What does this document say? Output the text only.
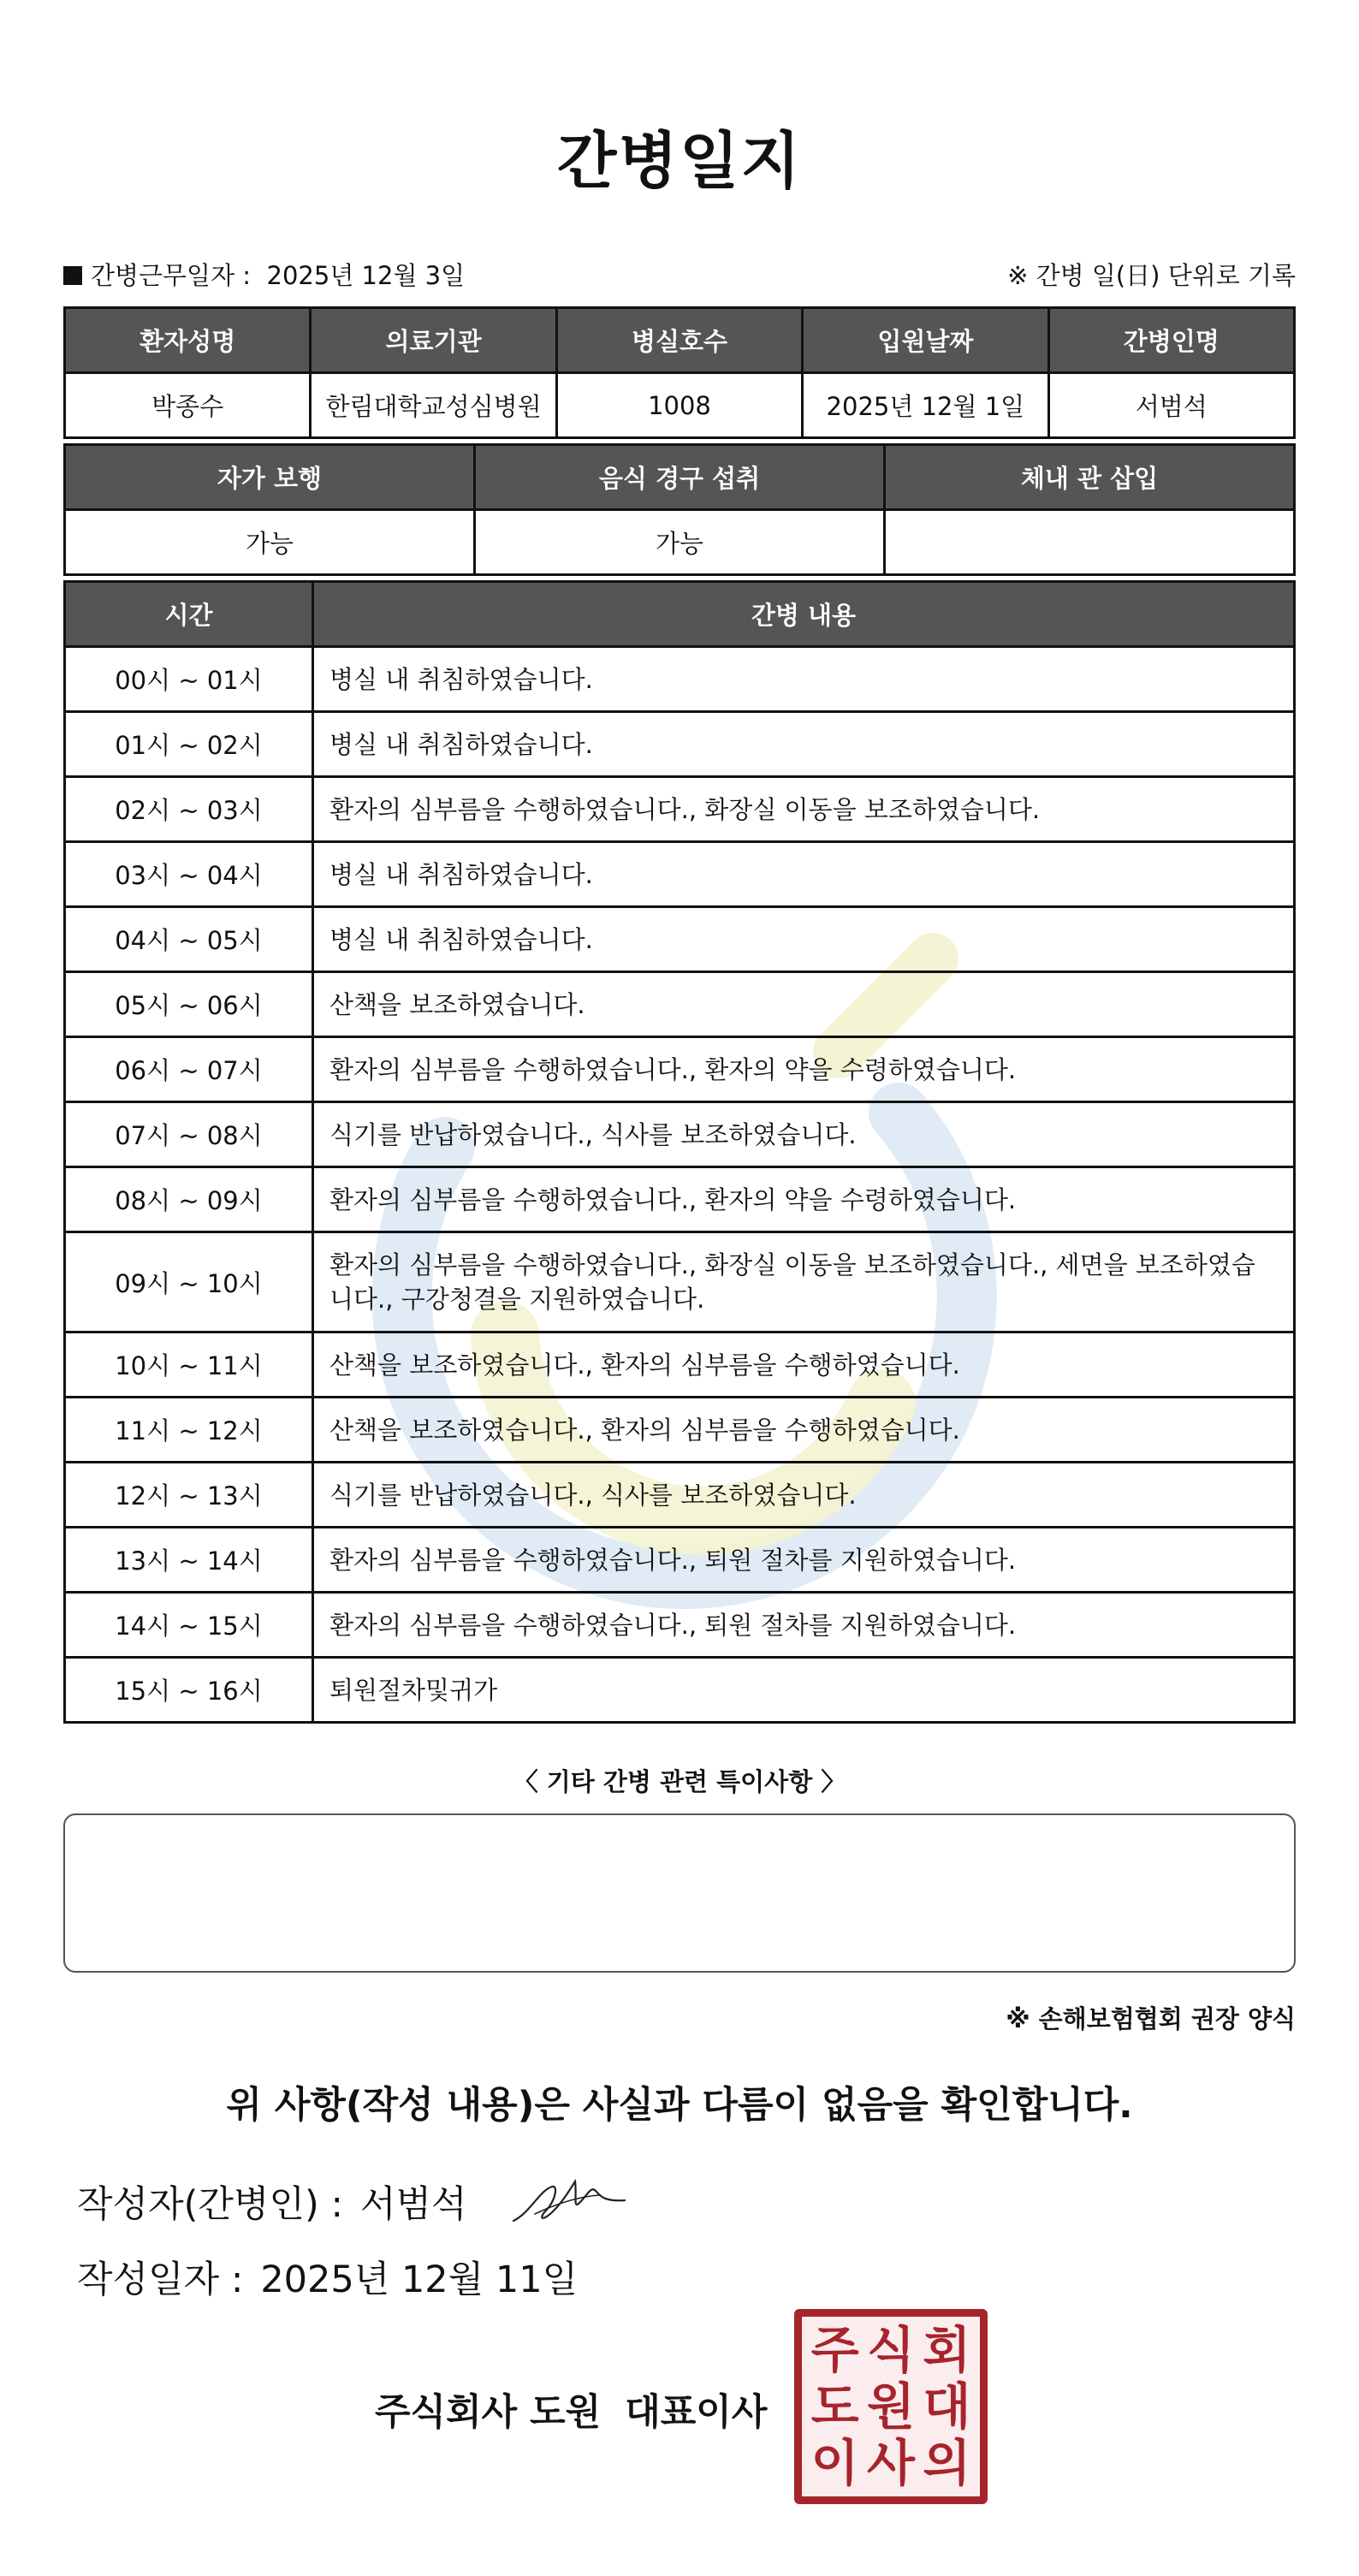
간병일지
간병근무일자 : 2025년 12월 3일	※ 간병 일(日) 단위로 기록
환자성명	의료기관	병실호수	입원날짜	간병인명
박종수	한림대학교성심병원	1008	2025년 12월 1일	서범석
자가 보행	음식 경구 섭취	체내 관 삽입
가능	가능	
시간	간병 내용
00시 ~ 01시	병실 내 취침하였습니다.
01시 ~ 02시	병실 내 취침하였습니다.
02시 ~ 03시	환자의 심부름을 수행하였습니다., 화장실 이동을 보조하였습니다.
03시 ~ 04시	병실 내 취침하였습니다.
04시 ~ 05시	병실 내 취침하였습니다.
05시 ~ 06시	산책을 보조하였습니다.
06시 ~ 07시	환자의 심부름을 수행하였습니다., 환자의 약을 수령하였습니다.
07시 ~ 08시	식기를 반납하였습니다., 식사를 보조하였습니다.
08시 ~ 09시	환자의 심부름을 수행하였습니다., 환자의 약을 수령하였습니다.
09시 ~ 10시	환자의 심부름을 수행하였습니다., 화장실 이동을 보조하였습니다., 세면을 보조하였습니다., 구강청결을 지원하였습니다.
10시 ~ 11시	산책을 보조하였습니다., 환자의 심부름을 수행하였습니다.
11시 ~ 12시	산책을 보조하였습니다., 환자의 심부름을 수행하였습니다.
12시 ~ 13시	식기를 반납하였습니다., 식사를 보조하였습니다.
13시 ~ 14시	환자의 심부름을 수행하였습니다., 퇴원 절차를 지원하였습니다.
14시 ~ 15시	환자의 심부름을 수행하였습니다., 퇴원 절차를 지원하였습니다.
15시 ~ 16시	퇴원절차및귀가
〈 기타 간병 관련 특이사항 〉
※ 손해보험협회 권장 양식
위 사항(작성 내용)은 사실과 다름이 없음을 확인합니다.
작성자(간병인) : 서범석
작성일자 : 2025년 12월 11일
주식회사 도원 대표이사
주 식 회
도 원 대
이 사 의
